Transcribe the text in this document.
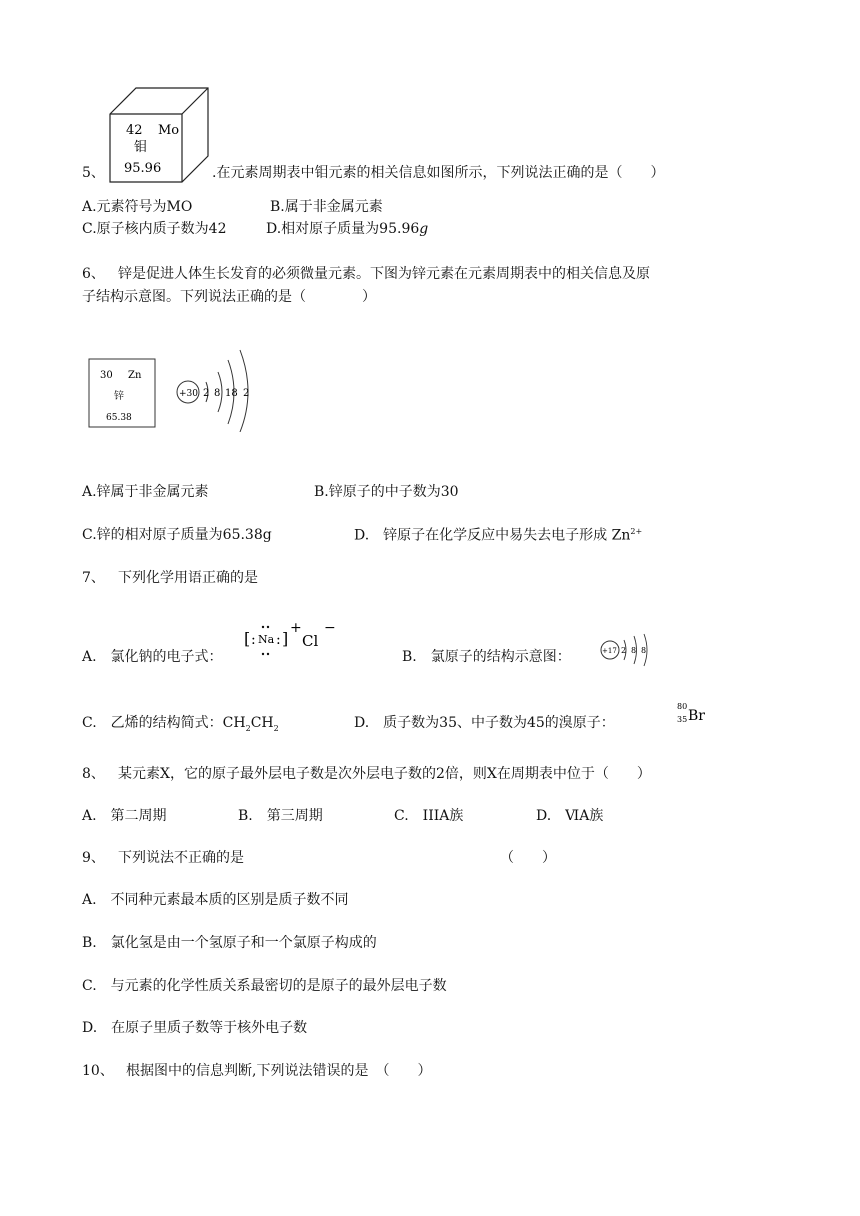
42 Mo
钼
95.96
5、	.在元素周期表中钼元素的相关信息如图所示，下列说法正确的是（　　）
A.元素符号为MO	B.属于非金属元素
C.原子核内质子数为42	D.相对原子质量为95.96g
6、 锌是促进人体生长发育的必须微量元素。下图为锌元素在元素周期表中的相关信息及原
子结构示意图。下列说法正确的是（　　　　）
30 Zn
锌
65.38
+30 2 8 18 2
A.锌属于非金属元素	B.锌原子的中子数为30
C.锌的相对原子质量为65.38g	D.　锌原子在化学反应中易失去电子形成 $Zn^{2+}$
7、 下列化学用语正确的是
A.　氯化钠的电子式：
[ : Na : ]
+
Cl
−
B.　氯原子的结构示意图：	+17 2 8 8
C.　乙烯的结构简式：$CH_2CH_2$	D.　质子数为35、中子数为45的溴原子：
80
35 Br
8、 某元素X，它的原子最外层电子数是次外层电子数的2倍，则X在周期表中位于（　　）
A.　第二周期	B.　第三周期	C.　IIIA族	D.　ⅥA族
9、 下列说法不正确的是	（　　）
A.　不同种元素最本质的区别是质子数不同
B.　氯化氢是由一个氢原子和一个氯原子构成的
C.　与元素的化学性质关系最密切的是原子的最外层电子数
D.　在原子里质子数等于核外电子数
10、 根据图中的信息判断,下列说法错误的是　（　　）
